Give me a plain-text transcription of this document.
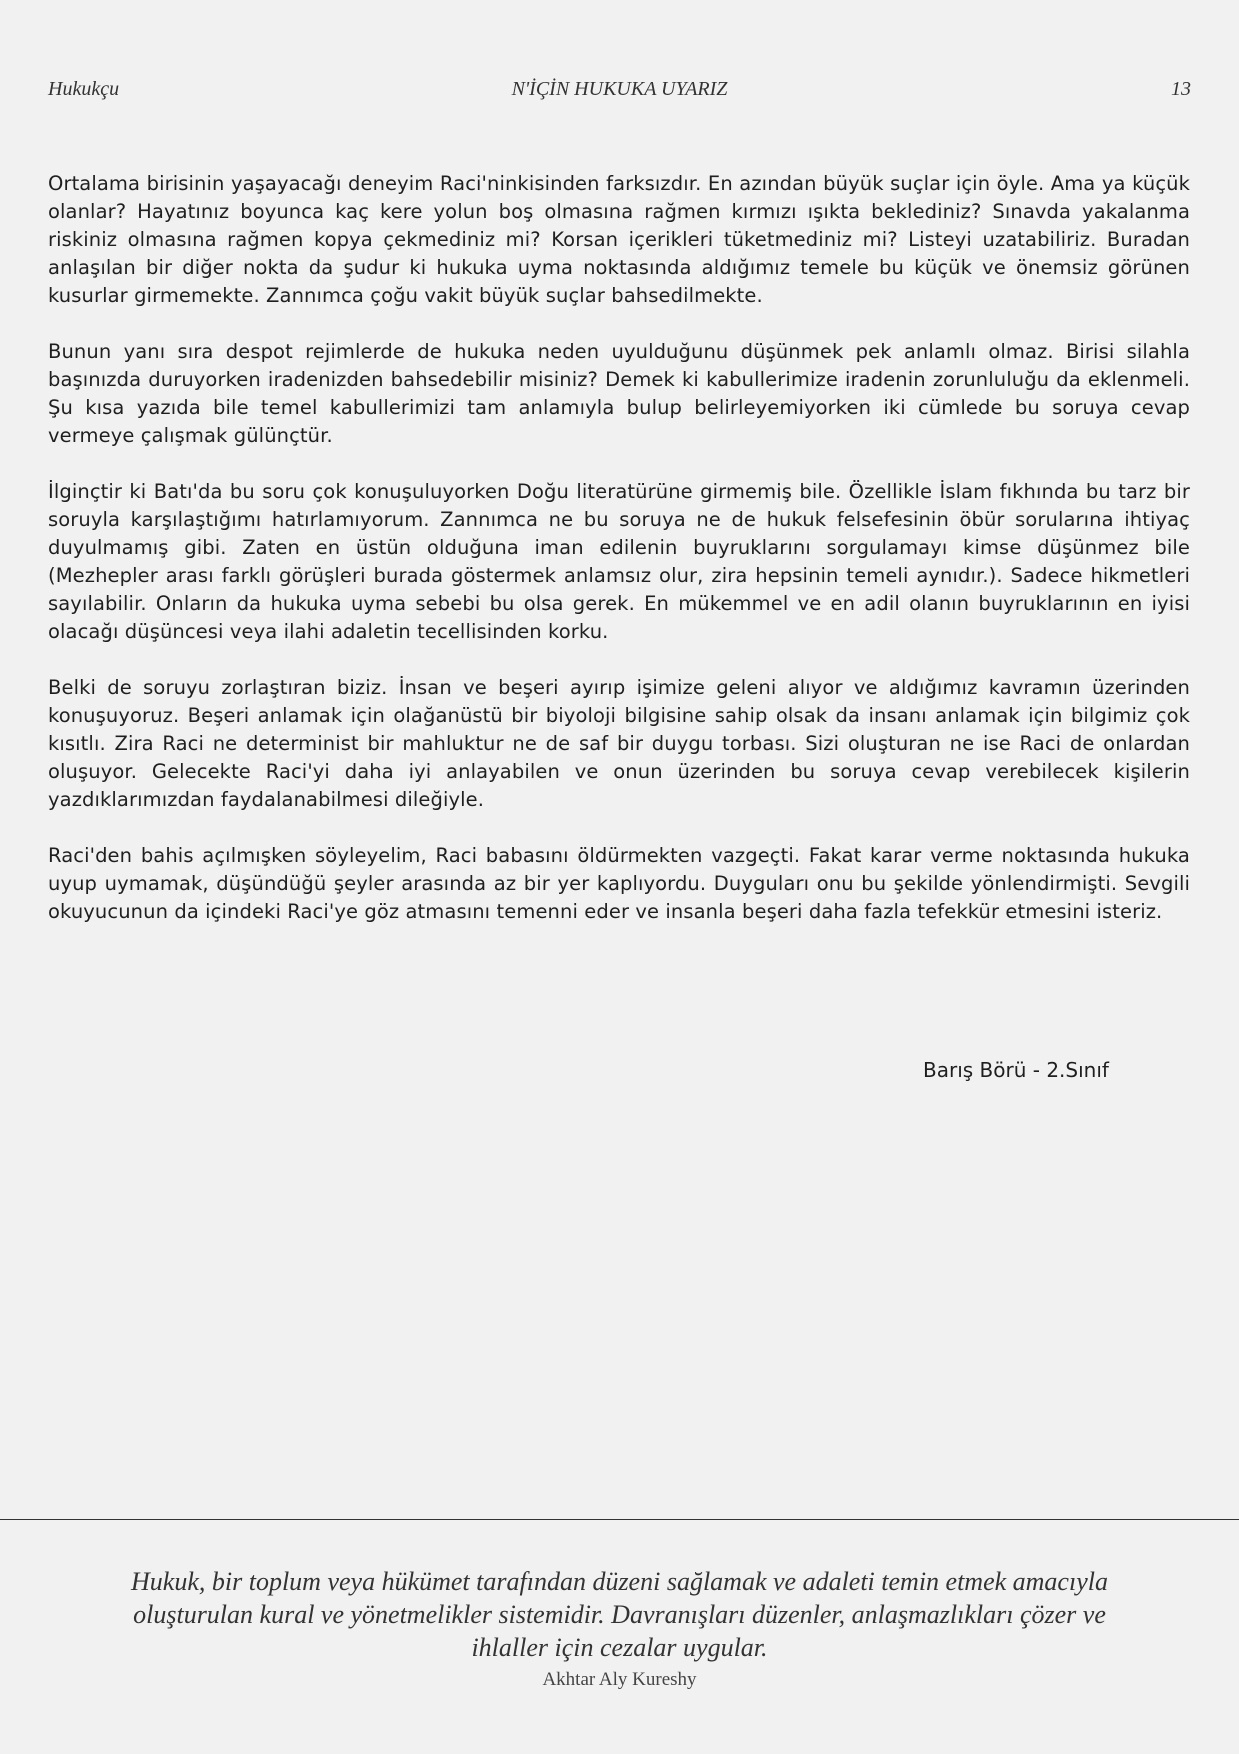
Hukukçu	N'İÇİN HUKUKA UYARIZ	13

Ortalama birisinin yaşayacağı deneyim Raci'ninkisinden farksızdır. En azından büyük suçlar için öyle. Ama ya küçük olanlar? Hayatınız boyunca kaç kere yolun boş olmasına rağmen kırmızı ışıkta beklediniz? Sınavda yakalanma riskiniz olmasına rağmen kopya çekmediniz mi? Korsan içerikleri tüketmediniz mi? Listeyi uzatabiliriz. Buradan anlaşılan bir diğer nokta da şudur ki hukuka uyma noktasında aldığımız temele bu küçük ve önemsiz görünen kusurlar girmemekte. Zannımca çoğu vakit büyük suçlar bahsedilmekte.

Bunun yanı sıra despot rejimlerde de hukuka neden uyulduğunu düşünmek pek anlamlı olmaz. Birisi silahla başınızda duruyorken iradenizden bahsedebilir misiniz? Demek ki kabullerimize iradenin zorunluluğu da eklenmeli. Şu kısa yazıda bile temel kabullerimizi tam anlamıyla bulup belirleyemiyorken iki cümlede bu soruya cevap vermeye çalışmak gülünçtür.

İlginçtir ki Batı'da bu soru çok konuşuluyorken Doğu literatürüne girmemiş bile. Özellikle İslam fıkhında bu tarz bir soruyla karşılaştığımı hatırlamıyorum. Zannımca ne bu soruya ne de hukuk felsefesinin öbür sorularına ihtiyaç duyulmamış gibi. Zaten en üstün olduğuna iman edilenin buyruklarını sorgulamayı kimse düşünmez bile (Mezhepler arası farklı görüşleri burada göstermek anlamsız olur, zira hepsinin temeli aynıdır.). Sadece hikmetleri sayılabilir. Onların da hukuka uyma sebebi bu olsa gerek. En mükemmel ve en adil olanın buyruklarının en iyisi olacağı düşüncesi veya ilahi adaletin tecellisinden korku.

Belki de soruyu zorlaştıran biziz. İnsan ve beşeri ayırıp işimize geleni alıyor ve aldığımız kavramın üzerinden konuşuyoruz. Beşeri anlamak için olağanüstü bir biyoloji bilgisine sahip olsak da insanı anlamak için bilgimiz çok kısıtlı. Zira Raci ne determinist bir mahluktur ne de saf bir duygu torbası. Sizi oluşturan ne ise Raci de onlardan oluşuyor. Gelecekte Raci'yi daha iyi anlayabilen ve onun üzerinden bu soruya cevap verebilecek kişilerin yazdıklarımızdan faydalanabilmesi dileğiyle.

Raci'den bahis açılmışken söyleyelim, Raci babasını öldürmekten vazgeçti. Fakat karar verme noktasında hukuka uyup uymamak, düşündüğü şeyler arasında az bir yer kaplıyordu. Duyguları onu bu şekilde yönlendirmişti. Sevgili okuyucunun da içindeki Raci'ye göz atmasını temenni eder ve insanla beşeri daha fazla tefekkür etmesini isteriz.

Barış Börü - 2.Sınıf
Hukuk, bir toplum veya hükümet tarafından düzeni sağlamak ve adaleti temin etmek amacıyla oluşturulan kural ve yönetmelikler sistemidir. Davranışları düzenler, anlaşmazlıkları çözer ve ihlaller için cezalar uygular.
Akhtar Aly Kureshy
